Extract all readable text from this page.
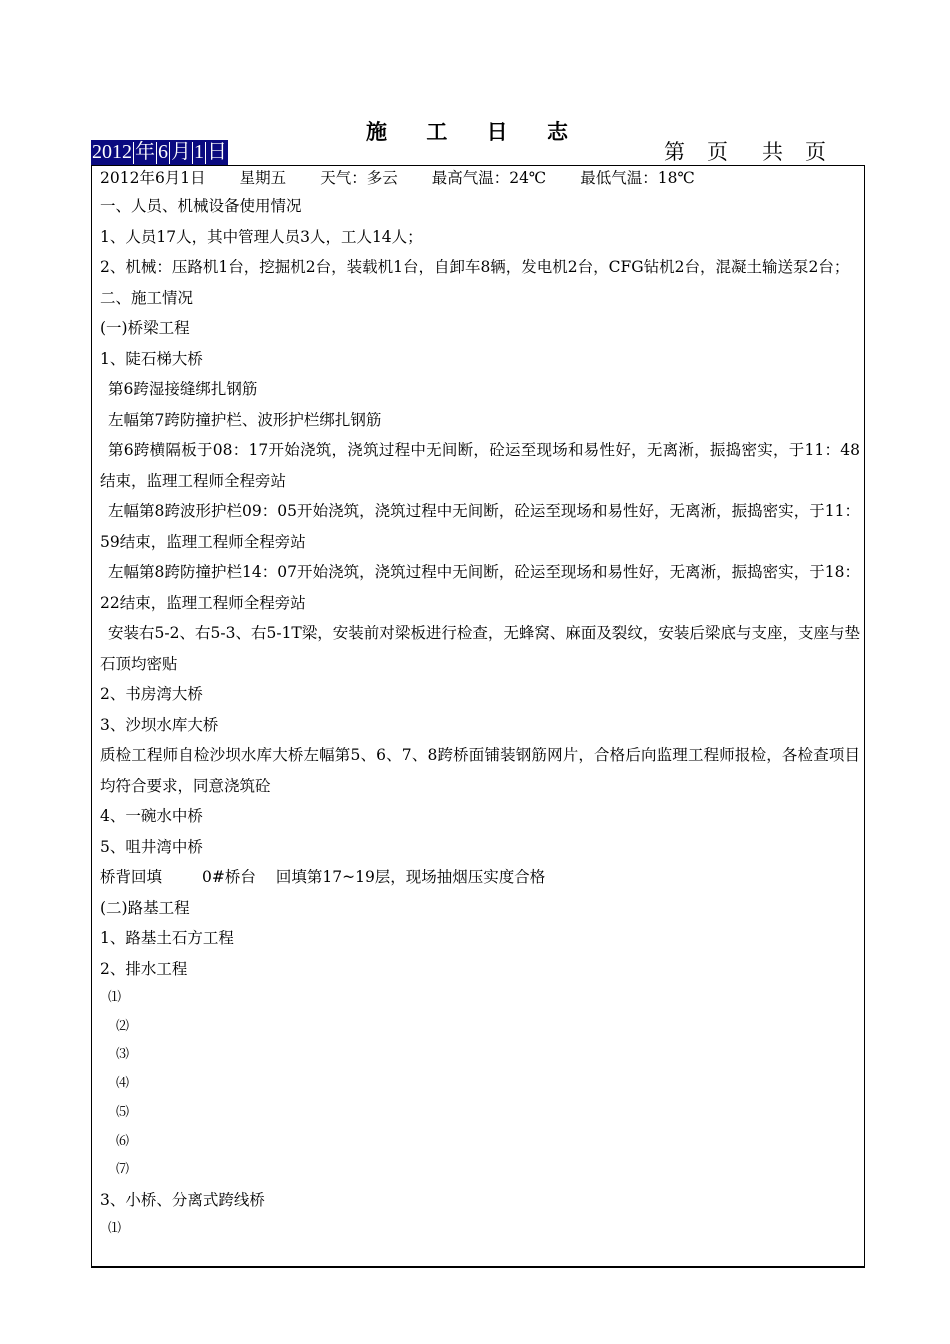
施 工 日 志
2012 年 6 月 1 日	第 页 共 页
2012年6月1日 星期五 天气：多云 最高气温：24℃ 最低气温：18℃
一、人员、机械设备使用情况
1、人员17人，其中管理人员3人，工人14人；
2、机械：压路机1台，挖掘机2台，装载机1台，自卸车8辆，发电机2台，CFG钻机2台，混凝土输送泵2台；
二、施工情况
(一)桥梁工程
1、陡石梯大桥
第6跨湿接缝绑扎钢筋
左幅第7跨防撞护栏、波形护栏绑扎钢筋
第6跨横隔板于08：17开始浇筑，浇筑过程中无间断，砼运至现场和易性好，无离淅，振捣密实，于11：48结束，监理工程师全程旁站
左幅第8跨波形护栏09：05开始浇筑，浇筑过程中无间断，砼运至现场和易性好，无离淅，振捣密实，于11：59结束，监理工程师全程旁站
左幅第8跨防撞护栏14：07开始浇筑，浇筑过程中无间断，砼运至现场和易性好，无离淅，振捣密实，于18：22结束，监理工程师全程旁站
安装右5-2、右5-3、右5-1T梁，安装前对梁板进行检查，无蜂窝、麻面及裂纹，安装后梁底与支座，支座与垫石顶均密贴
2、书房湾大桥
3、沙坝水库大桥
质检工程师自检沙坝水库大桥左幅第5、6、7、8跨桥面铺装钢筋网片，合格后向监理工程师报检，各检查项目均符合要求，同意浇筑砼
4、一碗水中桥
5、咀井湾中桥
桥背回填	0#桥台 回填第17~19层，现场抽烟压实度合格
(二)路基工程
1、路基土石方工程
2、排水工程
⑴
⑵
⑶
⑷
⑸
⑹
⑺
3、小桥、分离式跨线桥
⑴
